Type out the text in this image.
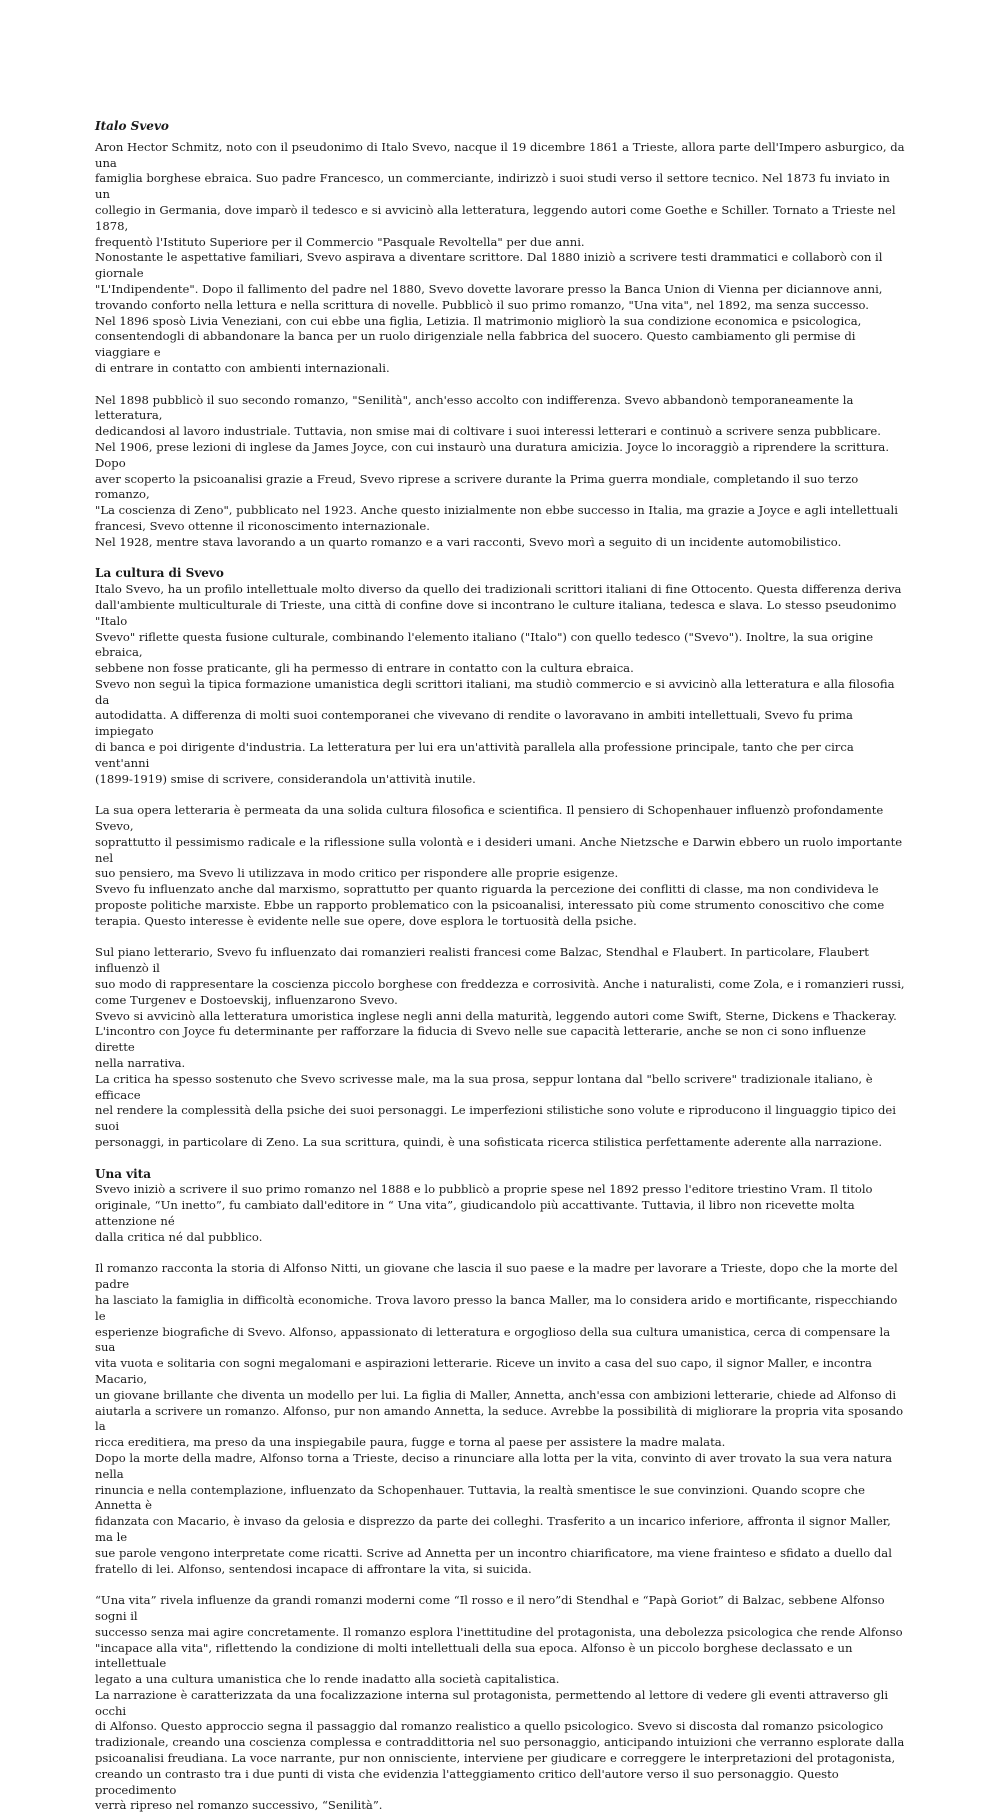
Italo Svevo

Aron Hector Schmitz, noto con il pseudonimo di Italo Svevo, nacque il 19 dicembre 1861 a Trieste, allora parte dell'Impero asburgico, da una
famiglia borghese ebraica. Suo padre Francesco, un commerciante, indirizzò i suoi studi verso il settore tecnico. Nel 1873 fu inviato in un
collegio in Germania, dove imparò il tedesco e si avvicinò alla letteratura, leggendo autori come Goethe e Schiller. Tornato a Trieste nel 1878,
frequentò l'Istituto Superiore per il Commercio "Pasquale Revoltella" per due anni.

Nonostante le aspettative familiari, Svevo aspirava a diventare scrittore. Dal 1880 iniziò a scrivere testi drammatici e collaborò con il giornale
"L'Indipendente". Dopo il fallimento del padre nel 1880, Svevo dovette lavorare presso la Banca Union di Vienna per diciannove anni,
trovando conforto nella lettura e nella scrittura di novelle. Pubblicò il suo primo romanzo, "Una vita", nel 1892, ma senza successo.

Nel 1896 sposò Livia Veneziani, con cui ebbe una figlia, Letizia. Il matrimonio migliorò la sua condizione economica e psicologica,
consentendogli di abbandonare la banca per un ruolo dirigenziale nella fabbrica del suocero. Questo cambiamento gli permise di viaggiare e
di entrare in contatto con ambienti internazionali.

Nel 1898 pubblicò il suo secondo romanzo, "Senilità", anch'esso accolto con indifferenza. Svevo abbandonò temporaneamente la letteratura,
dedicandosi al lavoro industriale. Tuttavia, non smise mai di coltivare i suoi interessi letterari e continuò a scrivere senza pubblicare.

Nel 1906, prese lezioni di inglese da James Joyce, con cui instaurò una duratura amicizia. Joyce lo incoraggiò a riprendere la scrittura. Dopo
aver scoperto la psicoanalisi grazie a Freud, Svevo riprese a scrivere durante la Prima guerra mondiale, completando il suo terzo romanzo,
"La coscienza di Zeno", pubblicato nel 1923. Anche questo inizialmente non ebbe successo in Italia, ma grazie a Joyce e agli intellettuali
francesi, Svevo ottenne il riconoscimento internazionale.

Nel 1928, mentre stava lavorando a un quarto romanzo e a vari racconti, Svevo morì a seguito di un incidente automobilistico.

La cultura di Svevo

Italo Svevo, ha un profilo intellettuale molto diverso da quello dei tradizionali scrittori italiani di fine Ottocento. Questa differenza deriva
dall'ambiente multiculturale di Trieste, una città di confine dove si incontrano le culture italiana, tedesca e slava. Lo stesso pseudonimo "Italo
Svevo" riflette questa fusione culturale, combinando l'elemento italiano ("Italo") con quello tedesco ("Svevo"). Inoltre, la sua origine ebraica,
sebbene non fosse praticante, gli ha permesso di entrare in contatto con la cultura ebraica.

Svevo non seguì la tipica formazione umanistica degli scrittori italiani, ma studiò commercio e si avvicinò alla letteratura e alla filosofia da
autodidatta. A differenza di molti suoi contemporanei che vivevano di rendite o lavoravano in ambiti intellettuali, Svevo fu prima impiegato
di banca e poi dirigente d'industria. La letteratura per lui era un'attività parallela alla professione principale, tanto che per circa vent'anni
(1899-1919) smise di scrivere, considerandola un'attività inutile.

La sua opera letteraria è permeata da una solida cultura filosofica e scientifica. Il pensiero di Schopenhauer influenzò profondamente Svevo,
soprattutto il pessimismo radicale e la riflessione sulla volontà e i desideri umani. Anche Nietzsche e Darwin ebbero un ruolo importante nel
suo pensiero, ma Svevo li utilizzava in modo critico per rispondere alle proprie esigenze.

Svevo fu influenzato anche dal marxismo, soprattutto per quanto riguarda la percezione dei conflitti di classe, ma non condivideva le
proposte politiche marxiste. Ebbe un rapporto problematico con la psicoanalisi, interessato più come strumento conoscitivo che come
terapia. Questo interesse è evidente nelle sue opere, dove esplora le tortuosità della psiche.

Sul piano letterario, Svevo fu influenzato dai romanzieri realisti francesi come Balzac, Stendhal e Flaubert. In particolare, Flaubert influenzò il
suo modo di rappresentare la coscienza piccolo borghese con freddezza e corrosività. Anche i naturalisti, come Zola, e i romanzieri russi,
come Turgenev e Dostoevskij, influenzarono Svevo.

Svevo si avvicinò alla letteratura umoristica inglese negli anni della maturità, leggendo autori come Swift, Sterne, Dickens e Thackeray.
L'incontro con Joyce fu determinante per rafforzare la fiducia di Svevo nelle sue capacità letterarie, anche se non ci sono influenze dirette
nella narrativa.

La critica ha spesso sostenuto che Svevo scrivesse male, ma la sua prosa, seppur lontana dal "bello scrivere" tradizionale italiano, è efficace
nel rendere la complessità della psiche dei suoi personaggi. Le imperfezioni stilistiche sono volute e riproducono il linguaggio tipico dei suoi
personaggi, in particolare di Zeno. La sua scrittura, quindi, è una sofisticata ricerca stilistica perfettamente aderente alla narrazione.

Una vita

Svevo iniziò a scrivere il suo primo romanzo nel 1888 e lo pubblicò a proprie spese nel 1892 presso l'editore triestino Vram. Il titolo
originale, “Un inetto”, fu cambiato dall'editore in “ Una vita”, giudicandolo più accattivante. Tuttavia, il libro non ricevette molta attenzione né
dalla critica né dal pubblico.

Il romanzo racconta la storia di Alfonso Nitti, un giovane che lascia il suo paese e la madre per lavorare a Trieste, dopo che la morte del padre
ha lasciato la famiglia in difficoltà economiche. Trova lavoro presso la banca Maller, ma lo considera arido e mortificante, rispecchiando le
esperienze biografiche di Svevo. Alfonso, appassionato di letteratura e orgoglioso della sua cultura umanistica, cerca di compensare la sua
vita vuota e solitaria con sogni megalomani e aspirazioni letterarie. Riceve un invito a casa del suo capo, il signor Maller, e incontra Macario,
un giovane brillante che diventa un modello per lui. La figlia di Maller, Annetta, anch'essa con ambizioni letterarie, chiede ad Alfonso di
aiutarla a scrivere un romanzo. Alfonso, pur non amando Annetta, la seduce. Avrebbe la possibilità di migliorare la propria vita sposando la
ricca ereditiera, ma preso da una inspiegabile paura, fugge e torna al paese per assistere la madre malata.

Dopo la morte della madre, Alfonso torna a Trieste, deciso a rinunciare alla lotta per la vita, convinto di aver trovato la sua vera natura nella
rinuncia e nella contemplazione, influenzato da Schopenhauer. Tuttavia, la realtà smentisce le sue convinzioni. Quando scopre che Annetta è
fidanzata con Macario, è invaso da gelosia e disprezzo da parte dei colleghi. Trasferito a un incarico inferiore, affronta il signor Maller, ma le
sue parole vengono interpretate come ricatti. Scrive ad Annetta per un incontro chiarificatore, ma viene frainteso e sfidato a duello dal
fratello di lei. Alfonso, sentendosi incapace di affrontare la vita, si suicida.

“Una vita” rivela influenze da grandi romanzi moderni come “Il rosso e il nero”di Stendhal e “Papà Goriot” di Balzac, sebbene Alfonso sogni il
successo senza mai agire concretamente. Il romanzo esplora l'inettitudine del protagonista, una debolezza psicologica che rende Alfonso
"incapace alla vita", riflettendo la condizione di molti intellettuali della sua epoca. Alfonso è un piccolo borghese declassato e un intellettuale
legato a una cultura umanistica che lo rende inadatto alla società capitalistica.

La narrazione è caratterizzata da una focalizzazione interna sul protagonista, permettendo al lettore di vedere gli eventi attraverso gli occhi
di Alfonso. Questo approccio segna il passaggio dal romanzo realistico a quello psicologico. Svevo si discosta dal romanzo psicologico
tradizionale, creando una coscienza complessa e contraddittoria nel suo personaggio, anticipando intuizioni che verranno esplorate dalla
psicoanalisi freudiana. La voce narrante, pur non onnisciente, interviene per giudicare e correggere le interpretazioni del protagonista,
creando un contrasto tra i due punti di vista che evidenzia l'atteggiamento critico dell'autore verso il suo personaggio. Questo procedimento
verrà ripreso nel romanzo successivo, “Senilità”.
